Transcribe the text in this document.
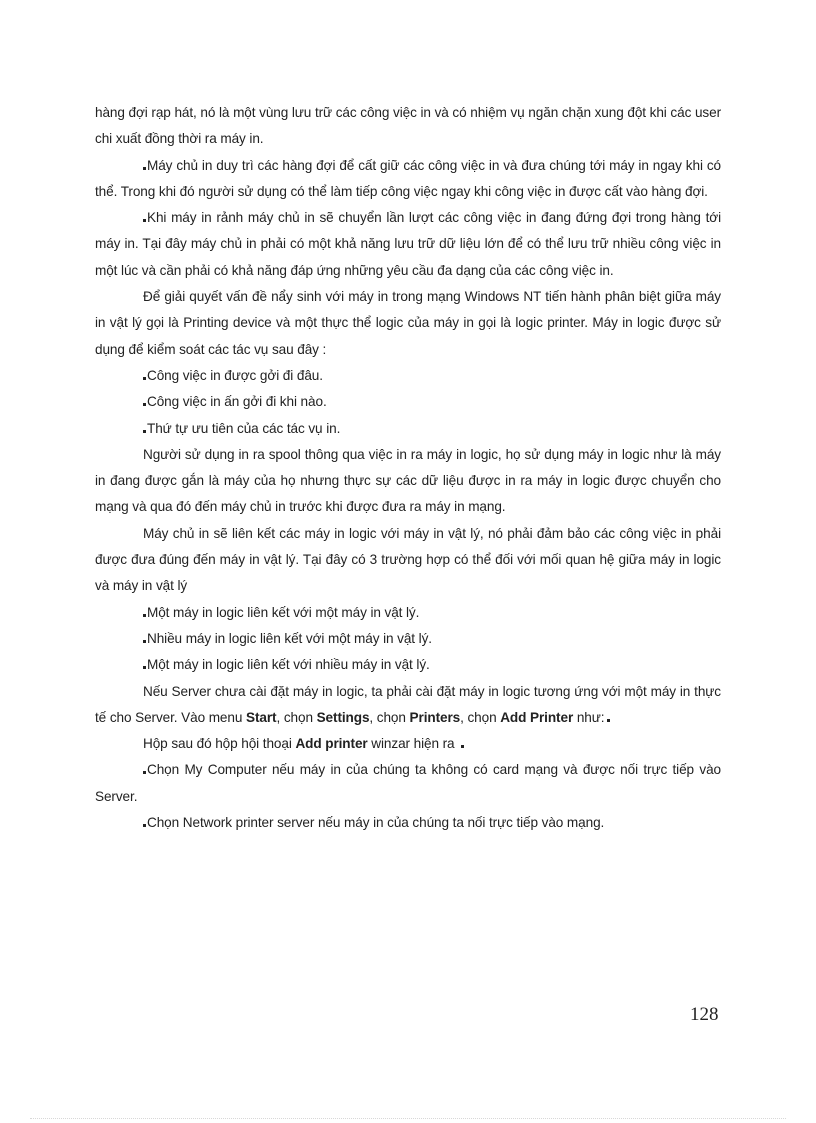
hàng đợi rạp hát, nó là một vùng lưu trữ các công việc in và có nhiệm vụ ngăn chặn xung đột khi các user chi xuất đồng thời ra máy in.

Máy chủ in duy trì các hàng đợi để cất giữ các công việc in và đưa chúng tới máy in ngay khi có thể. Trong khi đó người sử dụng có thể làm tiếp công việc ngay khi công việc in được cất vào hàng đợi.

Khi máy in rảnh máy chủ in sẽ chuyển lần lượt các công việc in đang đứng đợi trong hàng tới máy in. Tại đây máy chủ in phải có một khả năng lưu trữ dữ liệu lớn để có thể lưu trữ nhiều công việc in một lúc và cần phải có khả năng đáp ứng những yêu cầu đa dạng của các công việc in.

Để giải quyết vấn đề nẩy sinh với máy in trong mạng Windows NT tiến hành phân biệt giữa máy in vật lý gọi là Printing device và một thực thể logic của máy in gọi là logic printer. Máy in logic được sử dụng để kiểm soát các tác vụ sau đây :

Công việc in được gởi đi đâu.

Công việc in ấn gởi đi khi nào.

Thứ tự ưu tiên của các tác vụ in.

Người sử dụng in ra spool thông qua việc in ra máy in logic, họ sử dụng máy in logic như là máy in đang được gắn là máy của họ nhưng thực sự các dữ liệu được in ra máy in logic được chuyển cho mạng và qua đó đến máy chủ in trước khi được đưa ra máy in mạng.

Máy chủ in sẽ liên kết các máy in logic với máy in vật lý, nó phải đảm bảo các công việc in phải được đưa đúng đến máy in vật lý. Tại đây có 3 trường hợp có thể đối với mối quan hệ giữa máy in logic và máy in vật lý

Một máy in logic liên kết với một máy in vật lý.

Nhiều máy in logic liên kết với một máy in vật lý.

Một máy in logic liên kết với nhiều máy in vật lý.

Nếu Server chưa cài đặt máy in logic, ta phải cài đặt máy in logic tương ứng với một máy in thực tế cho Server. Vào menu Start, chọn Settings, chọn Printers, chọn Add Printer như:

Hộp sau đó hộp hội thoại Add printer winzar hiện ra

Chọn My Computer nếu máy in của chúng ta không có card mạng và được nối trực tiếp vào Server.

Chọn Network printer server nếu máy in của chúng ta nối trực tiếp vào mạng.

128
